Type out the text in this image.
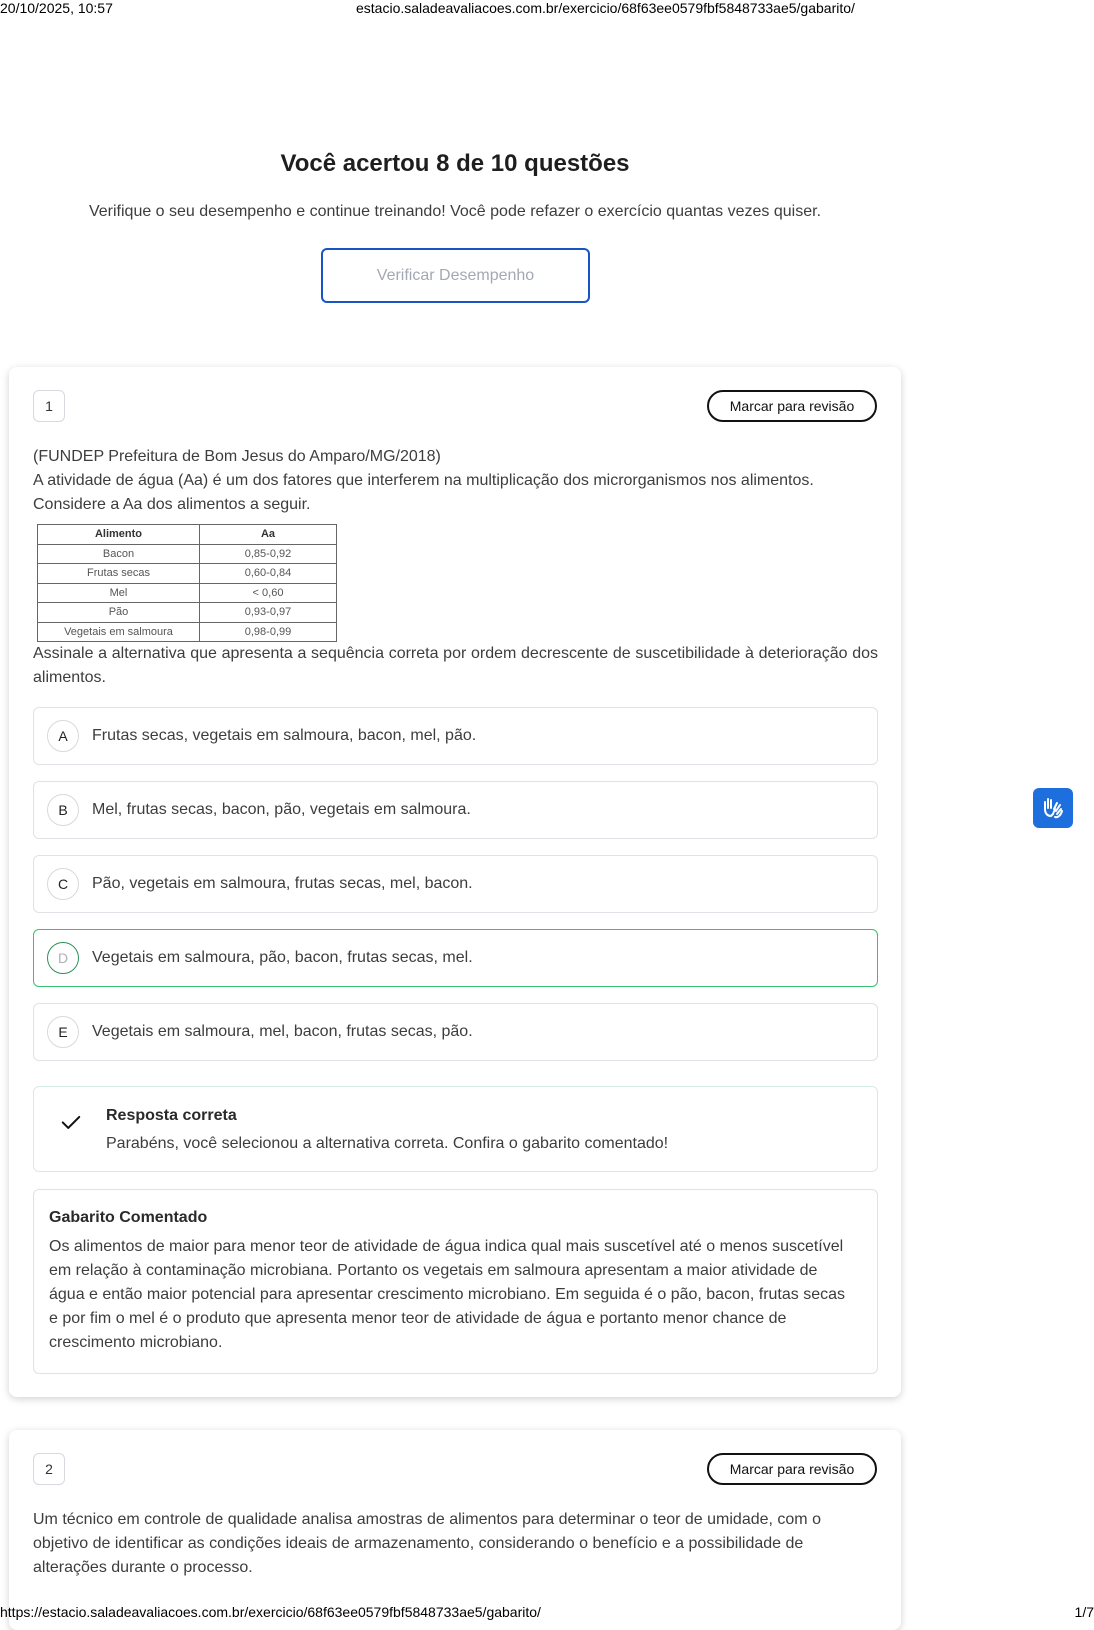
20/10/2025, 10:57	estacio.saladeavaliacoes.com.br/exercicio/68f63ee0579fbf5848733ae5/gabarito/
Você acertou 8 de 10 questões
Verifique o seu desempenho e continue treinando! Você pode refazer o exercício quantas vezes quiser.
Verificar Desempenho
1	Marcar para revisão
(FUNDEP Prefeitura de Bom Jesus do Amparo/MG/2018)
A atividade de água (Aa) é um dos fatores que interferem na multiplicação dos microrganismos nos alimentos. Considere a Aa dos alimentos a seguir.
Alimento	Aa
Bacon	0,85-0,92
Frutas secas	0,60-0,84
Mel	< 0,60
Pão	0,93-0,97
Vegetais em salmoura	0,98-0,99
Assinale a alternativa que apresenta a sequência correta por ordem decrescente de suscetibilidade à deterioração dos alimentos.
A	Frutas secas, vegetais em salmoura, bacon, mel, pão.
B	Mel, frutas secas, bacon, pão, vegetais em salmoura.
C	Pão, vegetais em salmoura, frutas secas, mel, bacon.
D	Vegetais em salmoura, pão, bacon, frutas secas, mel.
E	Vegetais em salmoura, mel, bacon, frutas secas, pão.
Resposta correta
Parabéns, você selecionou a alternativa correta. Confira o gabarito comentado!
Gabarito Comentado
Os alimentos de maior para menor teor de atividade de água indica qual mais suscetível até o menos suscetível em relação à contaminação microbiana. Portanto os vegetais em salmoura apresentam a maior atividade de água e então maior potencial para apresentar crescimento microbiano. Em seguida é o pão, bacon, frutas secas e por fim o mel é o produto que apresenta menor teor de atividade de água e portanto menor chance de crescimento microbiano.
2	Marcar para revisão
Um técnico em controle de qualidade analisa amostras de alimentos para determinar o teor de umidade, com o objetivo de identificar as condições ideais de armazenamento, considerando o benefício e a possibilidade de alterações durante o processo.
https://estacio.saladeavaliacoes.com.br/exercicio/68f63ee0579fbf5848733ae5/gabarito/	1/7
